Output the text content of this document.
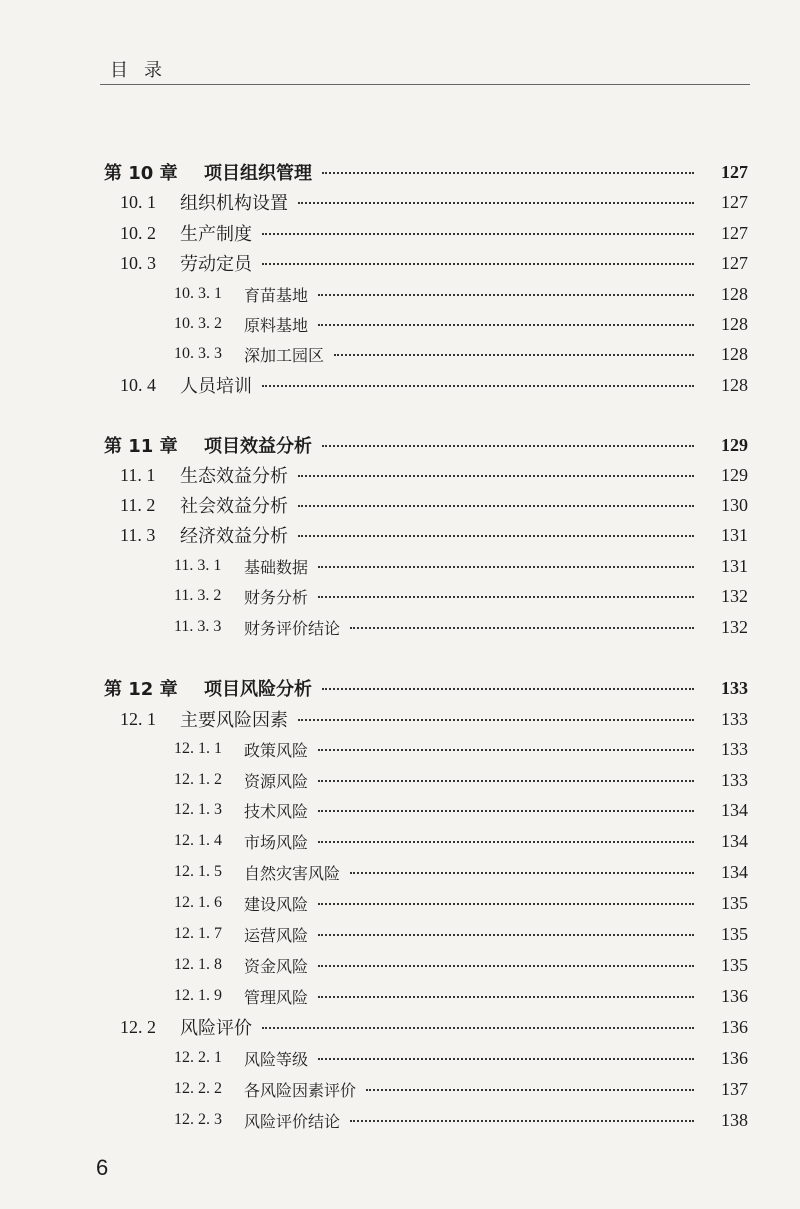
目录
第 10 章	项目组织管理	127
10. 1	组织机构设置	127
10. 2	生产制度	127
10. 3	劳动定员	127
10. 3. 1	育苗基地	128
10. 3. 2	原料基地	128
10. 3. 3	深加工园区	128
10. 4	人员培训	128
第 11 章	项目效益分析	129
11. 1	生态效益分析	129
11. 2	社会效益分析	130
11. 3	经济效益分析	131
11. 3. 1	基础数据	131
11. 3. 2	财务分析	132
11. 3. 3	财务评价结论	132
第 12 章	项目风险分析	133
12. 1	主要风险因素	133
12. 1. 1	政策风险	133
12. 1. 2	资源风险	133
12. 1. 3	技术风险	134
12. 1. 4	市场风险	134
12. 1. 5	自然灾害风险	134
12. 1. 6	建设风险	135
12. 1. 7	运营风险	135
12. 1. 8	资金风险	135
12. 1. 9	管理风险	136
12. 2	风险评价	136
12. 2. 1	风险等级	136
12. 2. 2	各风险因素评价	137
12. 2. 3	风险评价结论	138
6
